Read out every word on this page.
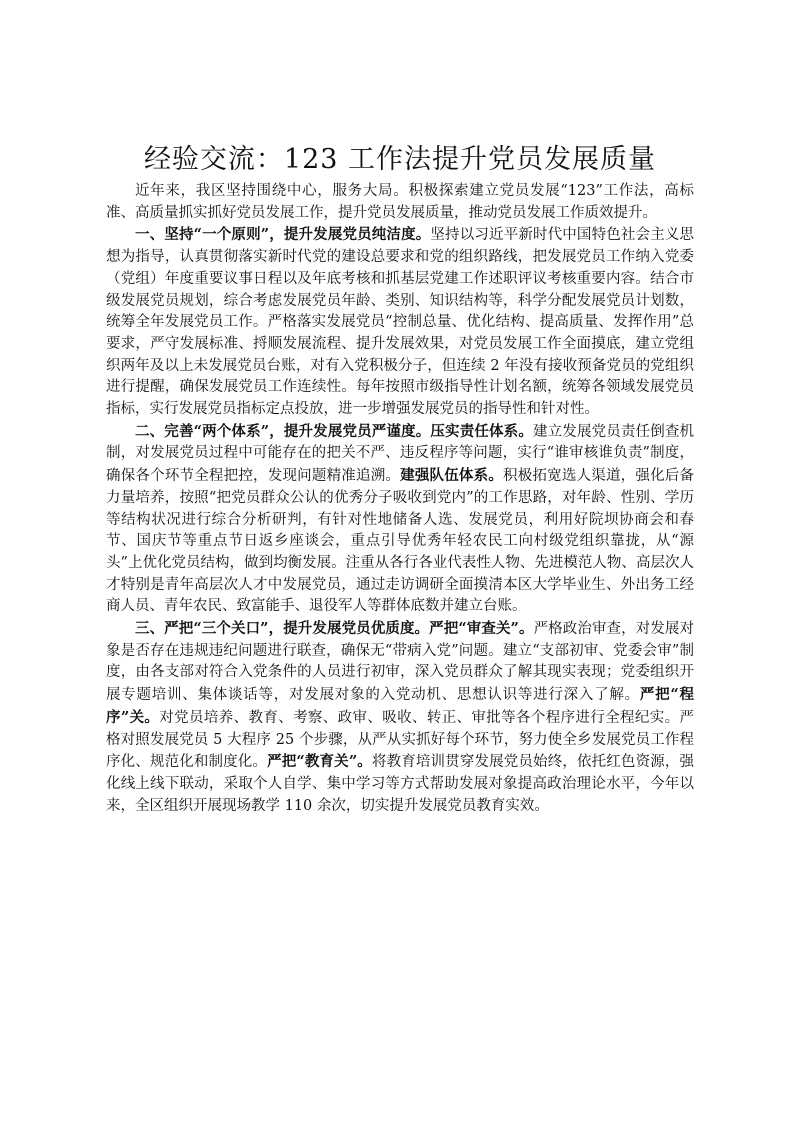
经验交流：123 工作法提升党员发展质量

近年来，我区坚持围绕中心，服务大局。积极探索建立党员发展“123”工作法，高标准、高质量抓实抓好党员发展工作，提升党员发展质量，推动党员发展工作质效提升。

一、坚持“一个原则”，提升发展党员纯洁度。坚持以习近平新时代中国特色社会主义思想为指导，认真贯彻落实新时代党的建设总要求和党的组织路线，把发展党员工作纳入党委（党组）年度重要议事日程以及年底考核和抓基层党建工作述职评议考核重要内容。结合市级发展党员规划，综合考虑发展党员年龄、类别、知识结构等，科学分配发展党员计划数，统筹全年发展党员工作。严格落实发展党员“控制总量、优化结构、提高质量、发挥作用”总要求，严守发展标准、捋顺发展流程、提升发展效果，对党员发展工作全面摸底，建立党组织两年及以上未发展党员台账，对有入党积极分子，但连续 2 年没有接收预备党员的党组织进行提醒，确保发展党员工作连续性。每年按照市级指导性计划名额，统筹各领域发展党员指标，实行发展党员指标定点投放，进一步增强发展党员的指导性和针对性。

二、完善“两个体系”，提升发展党员严谨度。压实责任体系。建立发展党员责任倒查机制，对发展党员过程中可能存在的把关不严、违反程序等问题，实行“谁审核谁负责”制度，确保各个环节全程把控，发现问题精准追溯。建强队伍体系。积极拓宽选人渠道，强化后备力量培养，按照“把党员群众公认的优秀分子吸收到党内”的工作思路，对年龄、性别、学历等结构状况进行综合分析研判，有针对性地储备人选、发展党员，利用好院坝协商会和春节、国庆节等重点节日返乡座谈会，重点引导优秀年轻农民工向村级党组织靠拢，从“源头”上优化党员结构，做到均衡发展。注重从各行各业代表性人物、先进模范人物、高层次人才特别是青年高层次人才中发展党员，通过走访调研全面摸清本区大学毕业生、外出务工经商人员、青年农民、致富能手、退役军人等群体底数并建立台账。

三、严把“三个关口”，提升发展党员优质度。严把“审查关”。严格政治审查，对发展对象是否存在违规违纪问题进行联查，确保无“带病入党”问题。建立“支部初审、党委会审”制度，由各支部对符合入党条件的人员进行初审，深入党员群众了解其现实表现；党委组织开展专题培训、集体谈话等，对发展对象的入党动机、思想认识等进行深入了解。严把“程序”关。对党员培养、教育、考察、政审、吸收、转正、审批等各个程序进行全程纪实。严格对照发展党员 5 大程序 25 个步骤，从严从实抓好每个环节，努力使全乡发展党员工作程序化、规范化和制度化。严把“教育关”。将教育培训贯穿发展党员始终，依托红色资源，强化线上线下联动，采取个人自学、集中学习等方式帮助发展对象提高政治理论水平，今年以来，全区组织开展现场教学 110 余次，切实提升发展党员教育实效。
